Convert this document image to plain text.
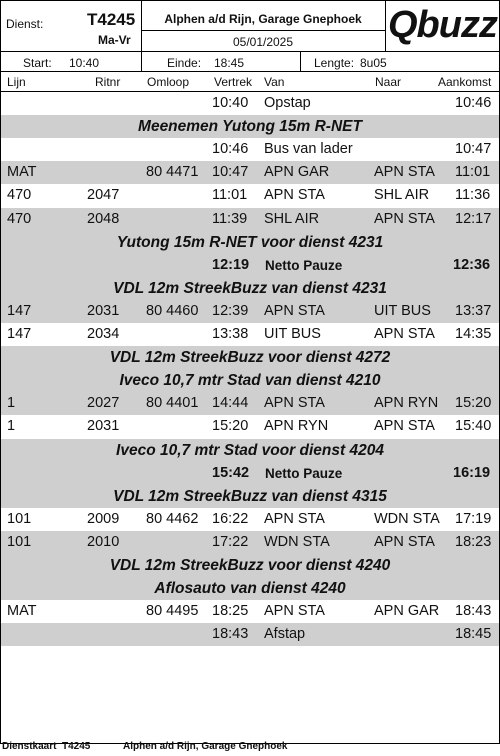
Dienst:	T4245
Ma-Vr
Alphen a/d Rijn, Garage Gnephoek
05/01/2025	Qbuzz
Start: 10:40	Einde: 18:45	Lengte: 8u05
Lijn	Ritnr Omloop Vertrek Van	Naar	Aankomst
10:40 Opstap	10:46
Meenemen Yutong 15m R-NET
10:46 Bus van lader	10:47
MAT	80 4471 10:47 APN GAR	APN STA 11:01
470	2047	11:01 APN STA	SHL AIR 11:36
470	2048	11:39 SHL AIR	APN STA 12:17
Yutong 15m R-NET voor dienst 4231
12:19 Netto Pauze	12:36
VDL 12m StreekBuzz van dienst 4231
147	2031 80 4460 12:39 APN STA	UIT BUS 13:37
147	2034	13:38 UIT BUS	APN STA 14:35
VDL 12m StreekBuzz voor dienst 4272
Iveco 10,7 mtr Stad van dienst 4210
1	2027 80 4401 14:44 APN STA	APN RYN 15:20
1	2031	15:20 APN RYN	APN STA 15:40
Iveco 10,7 mtr Stad voor dienst 4204
15:42 Netto Pauze	16:19
VDL 12m StreekBuzz van dienst 4315
101	2009 80 4462 16:22 APN STA	WDN STA 17:19
101	2010	17:22 WDN STA	APN STA 18:23
VDL 12m StreekBuzz voor dienst 4240
Aflosauto van dienst 4240
MAT	80 4495 18:25 APN STA	APN GAR 18:43
18:43 Afstap	18:45
Dienstkaart T4245	Alphen a/d Rijn, Garage Gnephoek
